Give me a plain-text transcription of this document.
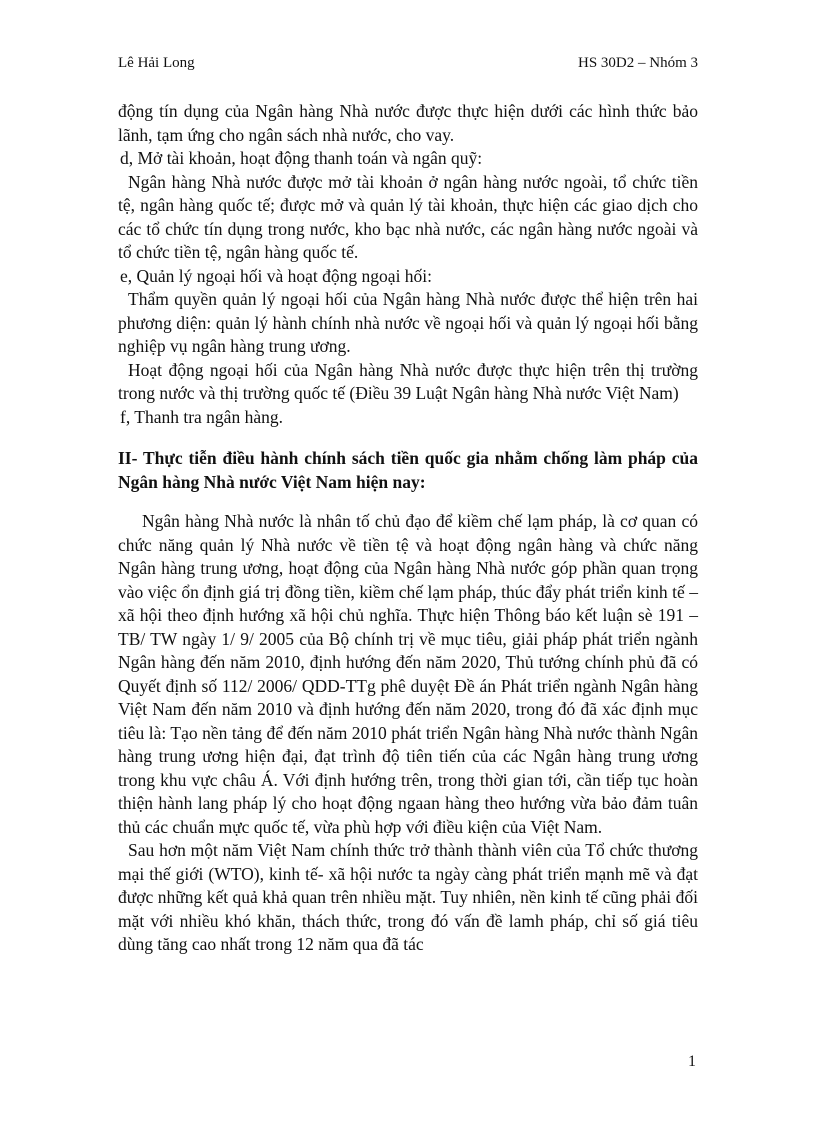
Lê Hải Long	HS 30D2 – Nhóm 3

động tín dụng của Ngân hàng Nhà nước được thực hiện dưới các hình thức bảo lãnh, tạm ứng cho ngân sách nhà nước, cho vay.

d, Mở tài khoản, hoạt động thanh toán và ngân quỹ:

Ngân hàng Nhà nước được mở tài khoản ở ngân hàng nước ngoài, tổ chức tiền tệ, ngân hàng quốc tế; được mở và quản lý tài khoản, thực hiện các giao dịch cho các tổ chức tín dụng trong nước, kho bạc nhà nước, các ngân hàng nước ngoài và tổ chức tiền tệ, ngân hàng quốc tế.

e, Quản lý ngoại hối và hoạt động ngoại hối:

Thẩm quyền quản lý ngoại hối của Ngân hàng Nhà nước được thể hiện trên hai phương diện: quản lý hành chính nhà nước về ngoại hối và quản lý ngoại hối bằng nghiệp vụ ngân hàng trung ương.

Hoạt động ngoại hối của Ngân hàng Nhà nước được thực hiện trên thị trường trong nước và thị trường quốc tế (Điều 39 Luật Ngân hàng Nhà nước Việt Nam)

f, Thanh tra ngân hàng.

II- Thực tiễn điều hành chính sách tiền quốc gia nhằm chống làm pháp của Ngân hàng Nhà nước Việt Nam hiện nay:

Ngân hàng Nhà nước là nhân tố chủ đạo để kiềm chế lạm pháp, là cơ quan có chức năng quản lý Nhà nước về tiền tệ và hoạt động ngân hàng và chức năng Ngân hàng trung ương, hoạt động của Ngân hàng Nhà nước góp phần quan trọng vào việc ổn định giá trị đồng tiền, kiềm chế lạm pháp, thúc đẩy phát triển kinh tế – xã hội theo định hướng xã hội chủ nghĩa. Thực hiện Thông báo kết luận sè 191 – TB/ TW ngày 1/ 9/ 2005 của Bộ chính trị về mục tiêu, giải pháp phát triển ngành Ngân hàng đến năm 2010, định hướng đến năm 2020, Thủ tướng chính phủ đã có Quyết định số 112/ 2006/ QDD-TTg phê duyệt Đề án Phát triển ngành Ngân hàng Việt Nam đến năm 2010 và định hướng đến năm 2020, trong đó đã xác định mục tiêu là: Tạo nền tảng để đến năm 2010 phát triển Ngân hàng Nhà nước thành Ngân hàng trung ương hiện đại, đạt trình độ tiên tiến của các Ngân hàng trung ương trong khu vực châu Á. Với định hướng trên, trong thời gian tới, cần tiếp tục hoàn thiện hành lang pháp lý cho hoạt động ngaan hàng theo hướng vừa bảo đảm tuân thủ các chuẩn mực quốc tế, vừa phù hợp với điều kiện của Việt Nam.

Sau hơn một năm Việt Nam chính thức trở thành thành viên của Tổ chức thương mại thế giới (WTO), kinh tế- xã hội nước ta ngày càng phát triển mạnh mẽ và đạt được những kết quả khả quan trên nhiều mặt. Tuy nhiên, nền kinh tế cũng phải đối mặt với nhiều khó khăn, thách thức, trong đó vấn đề lamh pháp, chỉ số giá tiêu dùng tăng cao nhất trong 12 năm qua đã tác

1
